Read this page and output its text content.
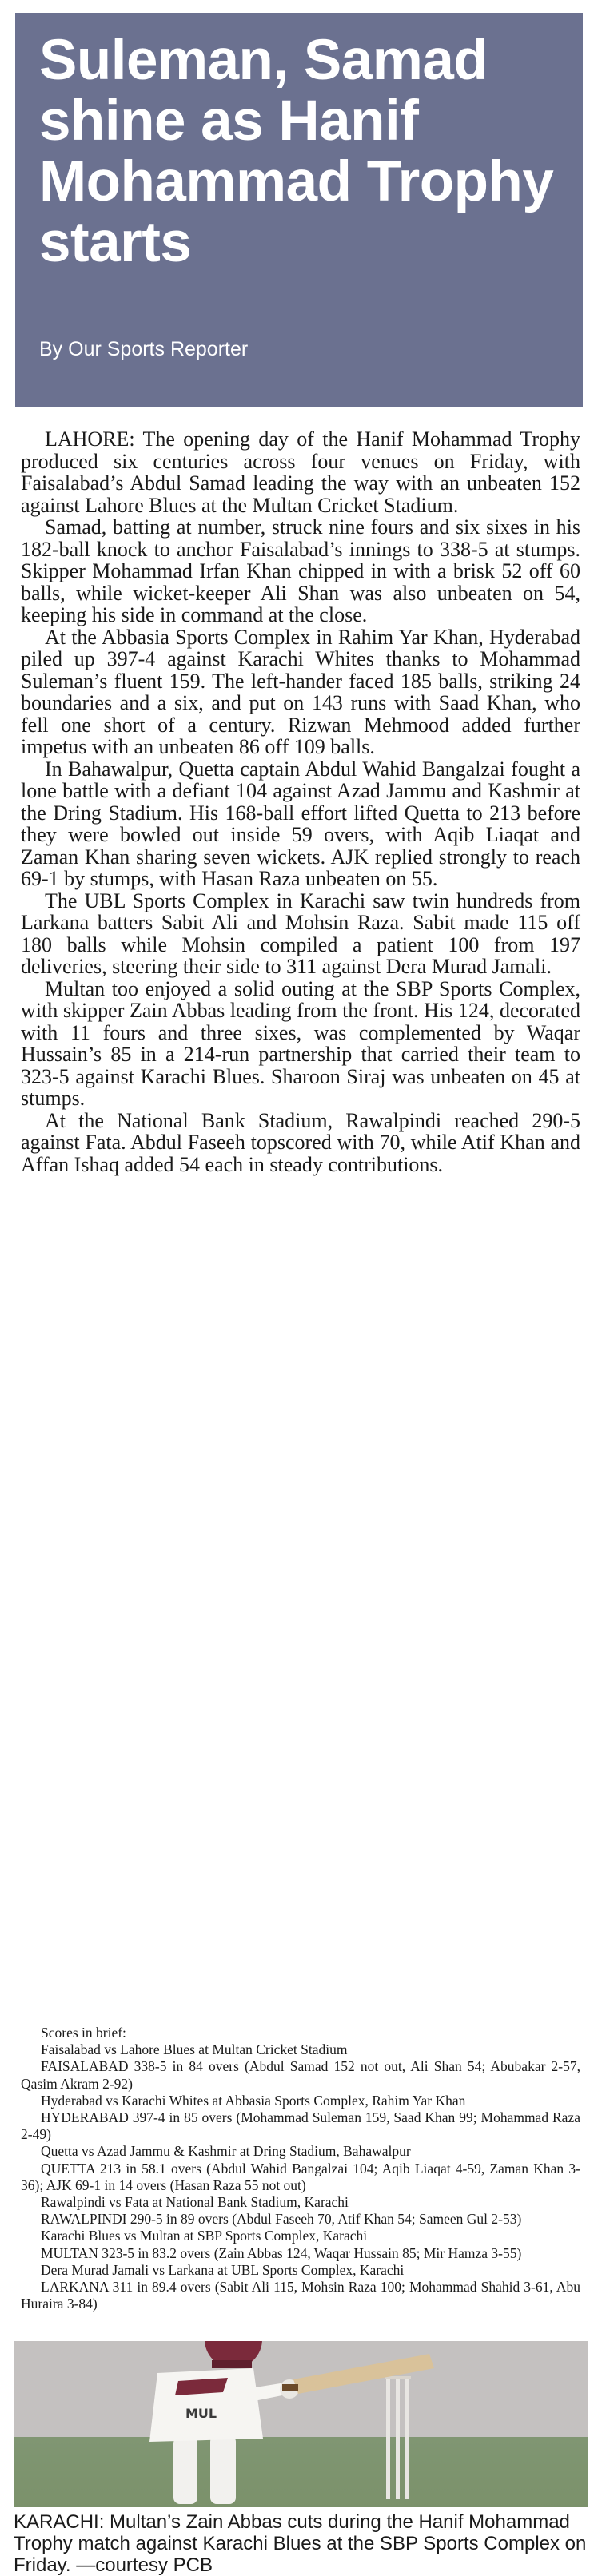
Suleman, Samad shine as Hanif Mohammad Trophy starts
By Our Sports Reporter

LAHORE: The opening day of the Hanif Mohammad Trophy produced six centuries across four venues on Friday, with Faisalabad’s Abdul Samad leading the way with an unbeaten 152 against Lahore Blues at the Multan Cricket Stadium.

Samad, batting at number, struck nine fours and six sixes in his 182-ball knock to anchor Faisalabad’s innings to 338-5 at stumps. Skipper Mohammad Irfan Khan chipped in with a brisk 52 off 60 balls, while wicket-keeper Ali Shan was also unbeaten on 54, keeping his side in command at the close.

At the Abbasia Sports Complex in Rahim Yar Khan, Hyderabad piled up 397-4 against Karachi Whites thanks to Mohammad Suleman’s fluent 159. The left-hander faced 185 balls, striking 24 boundaries and a six, and put on 143 runs with Saad Khan, who fell one short of a century. Rizwan Mehmood added further impetus with an unbeaten 86 off 109 balls.

In Bahawalpur, Quetta captain Abdul Wahid Bangalzai fought a lone battle with a defiant 104 against Azad Jammu and Kashmir at the Dring Stadium. His 168-ball effort lifted Quetta to 213 before they were bowled out inside 59 overs, with Aqib Liaqat and Zaman Khan sharing seven wickets. AJK replied strongly to reach 69-1 by stumps, with Hasan Raza unbeaten on 55.

The UBL Sports Complex in Karachi saw twin hundreds from Larkana batters Sabit Ali and Mohsin Raza. Sabit made 115 off 180 balls while Mohsin compiled a patient 100 from 197 deliveries, steering their side to 311 against Dera Murad Jamali.

Multan too enjoyed a solid outing at the SBP Sports Complex, with skipper Zain Abbas leading from the front. His 124, decorated with 11 fours and three sixes, was complemented by Waqar Hussain’s 85 in a 214-run partnership that carried their team to 323-5 against Karachi Blues. Sharoon Siraj was unbeaten on 45 at stumps.

At the National Bank Stadium, Rawalpindi reached 290-5 against Fata. Abdul Faseeh topscored with 70, while Atif Khan and Affan Ishaq added 54 each in steady contributions.

Scores in brief:

Faisalabad vs Lahore Blues at Multan Cricket Stadium

FAISALABAD 338-5 in 84 overs (Abdul Samad 152 not out, Ali Shan 54; Abubakar 2-57, Qasim Akram 2-92)

Hyderabad vs Karachi Whites at Abbasia Sports Complex, Rahim Yar Khan

HYDERABAD 397-4 in 85 overs (Mohammad Suleman 159, Saad Khan 99; Mohammad Raza 2-49)

Quetta vs Azad Jammu & Kashmir at Dring Stadium, Bahawalpur

QUETTA 213 in 58.1 overs (Abdul Wahid Bangalzai 104; Aqib Liaqat 4-59, Zaman Khan 3-36); AJK 69-1 in 14 overs (Hasan Raza 55 not out)

Rawalpindi vs Fata at National Bank Stadium, Karachi

RAWALPINDI 290-5 in 89 overs (Abdul Faseeh 70, Atif Khan 54; Sameen Gul 2-53)

Karachi Blues vs Multan at SBP Sports Complex, Karachi

MULTAN 323-5 in 83.2 overs (Zain Abbas 124, Waqar Hussain 85; Mir Hamza 3-55)

Dera Murad Jamali vs Larkana at UBL Sports Complex, Karachi

LARKANA 311 in 89.4 overs (Sabit Ali 115, Mohsin Raza 100; Mohammad Shahid 3-61, Abu Huraira 3-84)

MUL

KARACHI: Multan’s Zain Abbas cuts during the Hanif Mohammad Trophy match against Karachi Blues at the SBP Sports Complex on Friday. —courtesy PCB
